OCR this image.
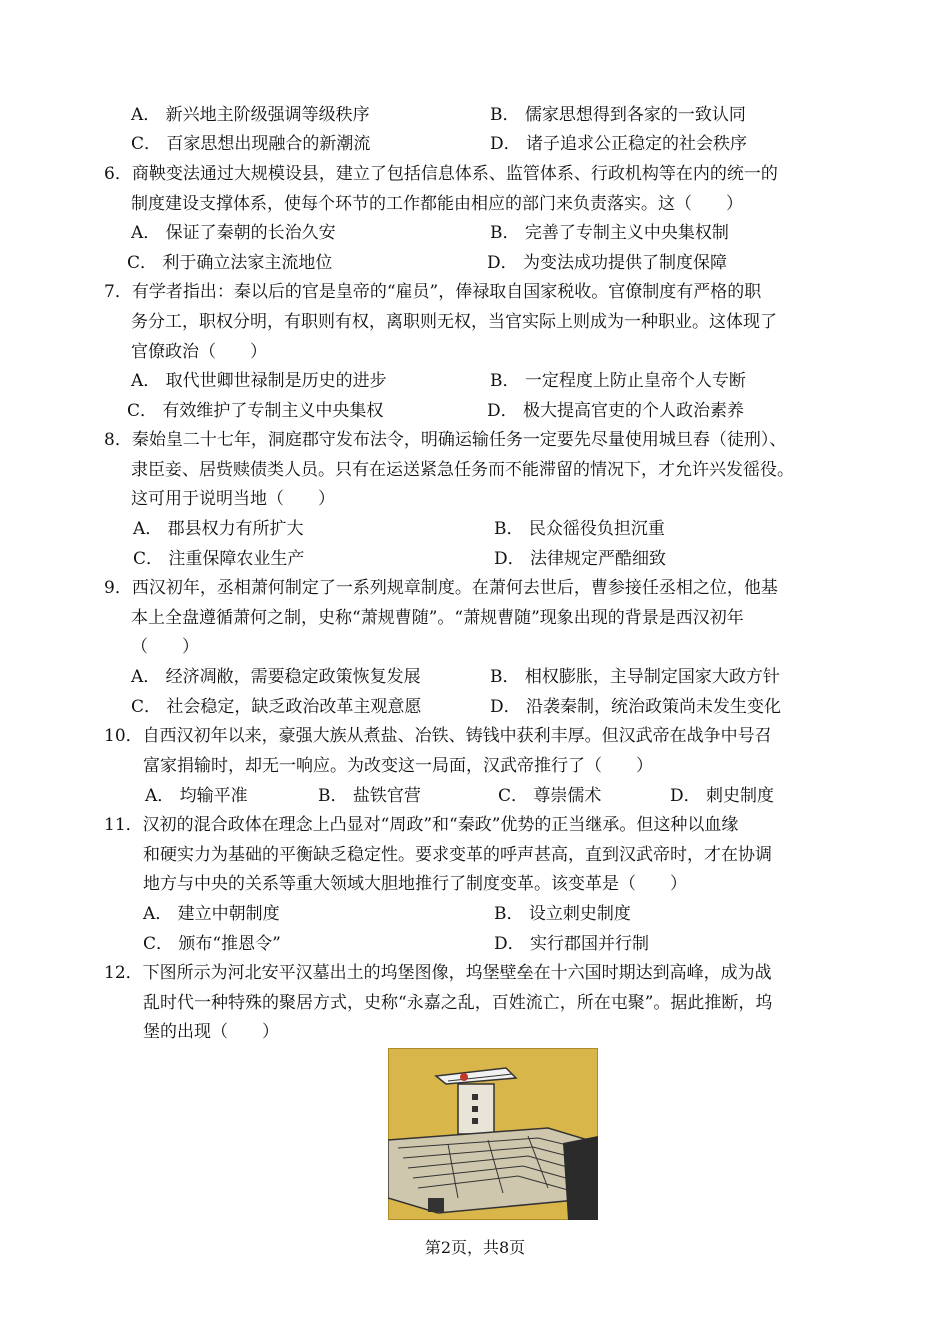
A． 新兴地主阶级强调等级秩序	B． 儒家思想得到各家的一致认同
C． 百家思想出现融合的新潮流	D． 诸子追求公正稳定的社会秩序
6．商鞅变法通过大规模设县，建立了包括信息体系、监管体系、行政机构等在内的统一的
制度建设支撑体系，使每个环节的工作都能由相应的部门来负责落实。这（　　）
A． 保证了秦朝的长治久安	B． 完善了专制主义中央集权制
C． 利于确立法家主流地位	D． 为变法成功提供了制度保障
7．有学者指出：秦以后的官是皇帝的“雇员”，俸禄取自国家税收。官僚制度有严格的职
务分工，职权分明，有职则有权，离职则无权，当官实际上则成为一种职业。这体现了
官僚政治（　　）
A． 取代世卿世禄制是历史的进步	B． 一定程度上防止皇帝个人专断
C． 有效维护了专制主义中央集权	D． 极大提高官吏的个人政治素养
8．秦始皇二十七年，洞庭郡守发布法令，明确运输任务一定要先尽量使用城旦舂（徒刑）、
隶臣妾、居赀赎债类人员。只有在运送紧急任务而不能滞留的情况下，才允许兴发徭役。
这可用于说明当地（　　）
A． 郡县权力有所扩大	B． 民众徭役负担沉重
C． 注重保障农业生产	D． 法律规定严酷细致
9．西汉初年，丞相萧何制定了一系列规章制度。在萧何去世后，曹参接任丞相之位，他基
本上全盘遵循萧何之制，史称“萧规曹随”。“萧规曹随”现象出现的背景是西汉初年
（　　）
A． 经济凋敝，需要稳定政策恢复发展	B． 相权膨胀，主导制定国家大政方针
C． 社会稳定，缺乏政治改革主观意愿	D． 沿袭秦制，统治政策尚未发生变化
10．自西汉初年以来，豪强大族从煮盐、冶铁、铸钱中获利丰厚。但汉武帝在战争中号召
富家捐输时，却无一响应。为改变这一局面，汉武帝推行了（　　）
A． 均输平准	B． 盐铁官营	C． 尊崇儒术	D． 刺史制度
11．汉初的混合政体在理念上凸显对“周政”和“秦政”优势的正当继承。但这种以血缘
和硬实力为基础的平衡缺乏稳定性。要求变革的呼声甚高，直到汉武帝时，才在协调
地方与中央的关系等重大领域大胆地推行了制度变革。该变革是（　　）
A． 建立中朝制度	B． 设立刺史制度
C． 颁布“推恩令”	D． 实行郡国并行制
12．下图所示为河北安平汉墓出土的坞堡图像，坞堡壁垒在十六国时期达到高峰，成为战
乱时代一种特殊的聚居方式，史称“永嘉之乱，百姓流亡，所在屯聚”。据此推断，坞
堡的出现（　　）
第2页，共8页
